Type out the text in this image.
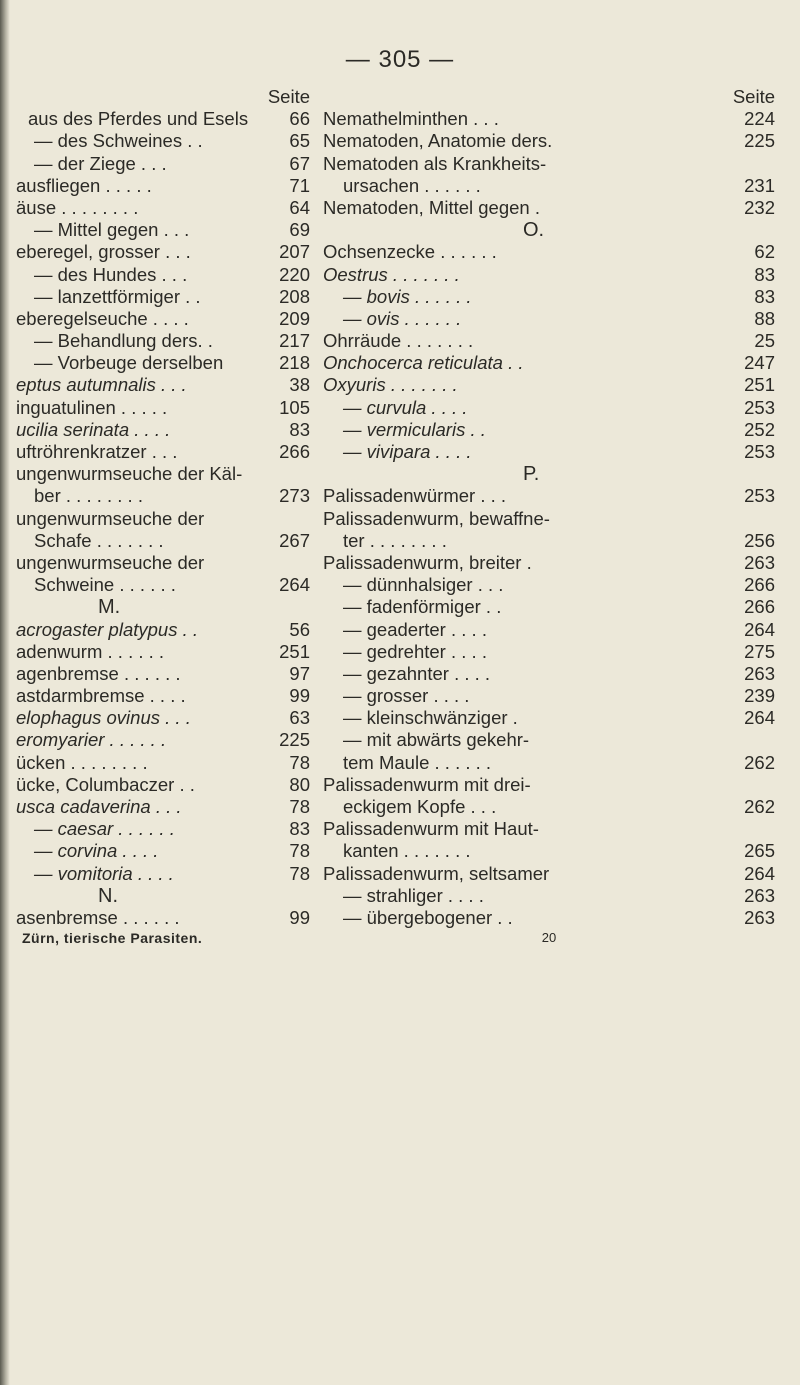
— 305 —
Seite
aus des Pferdes und Esels 66
— des Schweines . .	65
— der Ziege . . .	67
ausfliegen . . . . .	71
äuse . . . . . . . .	64
— Mittel gegen . . .	69
eberegel, grosser . . .	207
— des Hundes . . .	220
— lanzettförmiger . .	208
eberegelseuche . . . .	209
— Behandlung ders. .	217
— Vorbeuge derselben	218
eptus autumnalis . . .	38
inguatulinen . . . . .	105
ucilia serinata . . . .	83
uftröhrenkratzer . . .	266
ungenwurmseuche der Käl-
ber . . . . . . . .	273
ungenwurmseuche der
Schafe . . . . . . .	267
ungenwurmseuche der
Schweine . . . . . .	264
M.
acrogaster platypus . .	56
adenwurm . . . . . .	251
agenbremse . . . . . .	97
astdarmbremse . . . .	99
elophagus ovinus . . .	63
eromyarier . . . . . .	225
ücken . . . . . . . .	78
ücke, Columbaczer . .	80
usca cadaverina . . .	78
— caesar . . . . . .	83
— corvina . . . .	78
— vomitoria . . . .	78
N.
asenbremse . . . . . .	99
Zürn, tierische Parasiten.
Seite
Nemathelminthen . . .	224
Nematoden, Anatomie ders.	225
Nematoden als Krankheits-
ursachen . . . . . .	231
Nematoden, Mittel gegen .	232
O.
Ochsenzecke . . . . . .	62
Oestrus . . . . . . .	83
— bovis . . . . . .	83
— ovis . . . . . .	88
Ohrräude . . . . . . .	25
Onchocerca reticulata . .	247
Oxyuris . . . . . . .	251
— curvula . . . .	253
— vermicularis . .	252
— vivipara . . . .	253
P.
Palissadenwürmer . . .	253
Palissadenwurm, bewaffne-
ter . . . . . . . .	256
Palissadenwurm, breiter .	263
— dünnhalsiger . . .	266
— fadenförmiger . .	266
— geaderter . . . .	264
— gedrehter . . . .	275
— gezahnter . . . .	263
— grosser . . . .	239
— kleinschwänziger .	264
— mit abwärts gekehr-
tem Maule . . . . . .	262
Palissadenwurm mit drei-
eckigem Kopfe . . .	262
Palissadenwurm mit Haut-
kanten . . . . . . .	265
Palissadenwurm, seltsamer	264
— strahliger . . . .	263
— übergebogener . .	263
20
